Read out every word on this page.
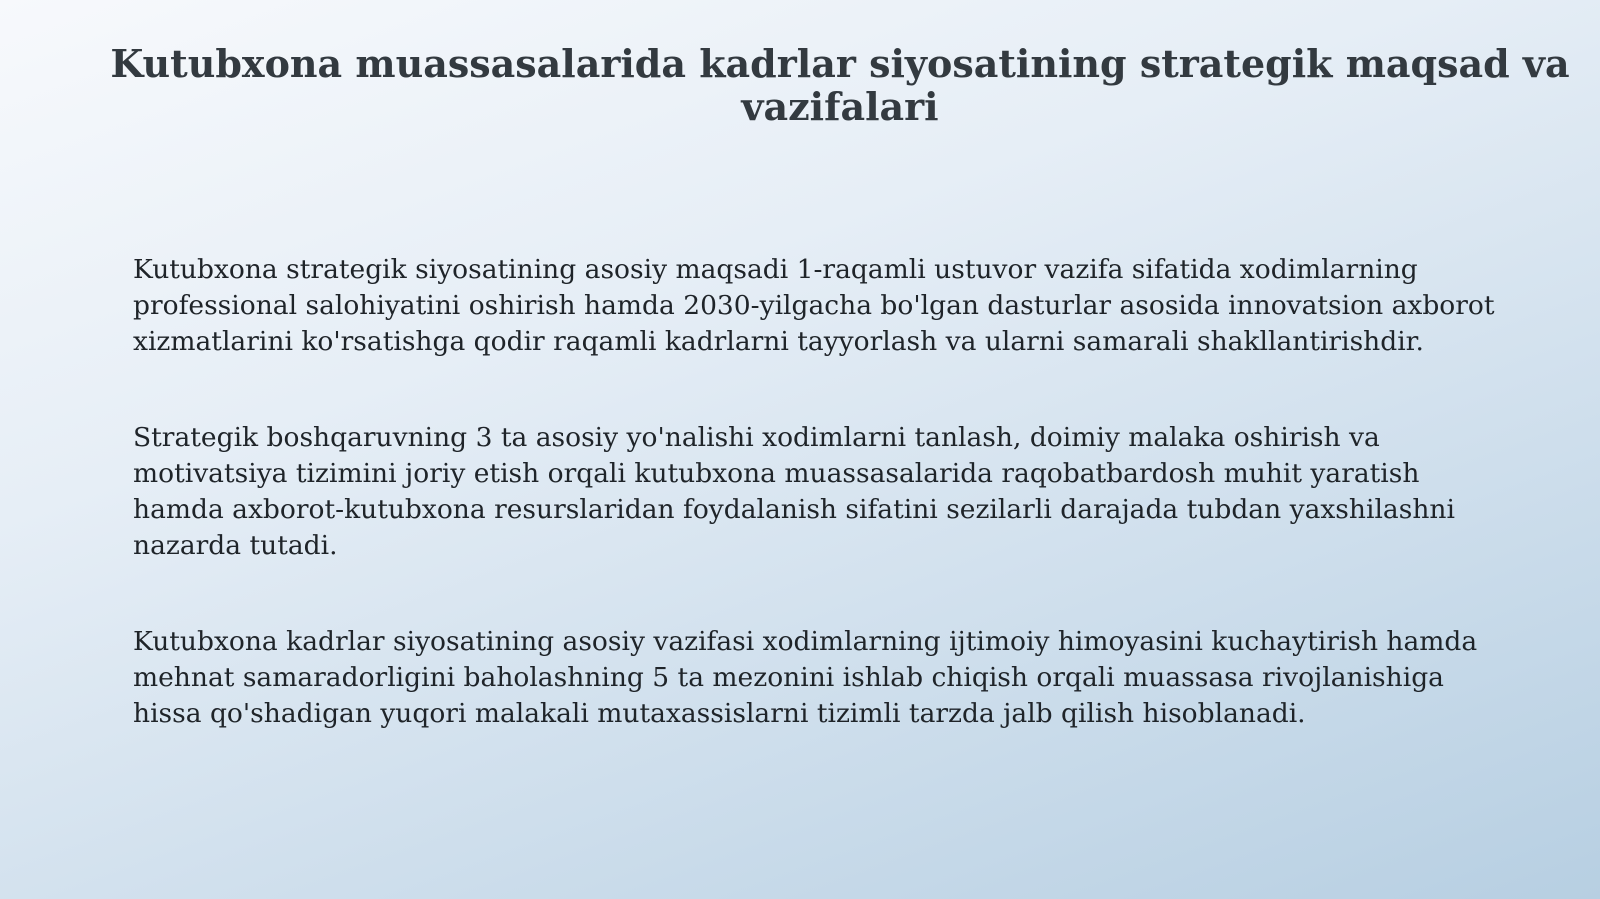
Kutubxona muassasalarida kadrlar siyosatining strategik maqsad va vazifalari

Kutubxona strategik siyosatining asosiy maqsadi 1-raqamli ustuvor vazifa sifatida xodimlarning professional salohiyatini oshirish hamda 2030-yilgacha bo'lgan dasturlar asosida innovatsion axborot xizmatlarini ko'rsatishga qodir raqamli kadrlarni tayyorlash va ularni samarali shakllantirishdir.

Strategik boshqaruvning 3 ta asosiy yo'nalishi xodimlarni tanlash, doimiy malaka oshirish va motivatsiya tizimini joriy etish orqali kutubxona muassasalarida raqobatbardosh muhit yaratish hamda axborot-kutubxona resurslaridan foydalanish sifatini sezilarli darajada tubdan yaxshilashni nazarda tutadi.

Kutubxona kadrlar siyosatining asosiy vazifasi xodimlarning ijtimoiy himoyasini kuchaytirish hamda mehnat samaradorligini baholashning 5 ta mezonini ishlab chiqish orqali muassasa rivojlanishiga hissa qo'shadigan yuqori malakali mutaxassislarni tizimli tarzda jalb qilish hisoblanadi.
